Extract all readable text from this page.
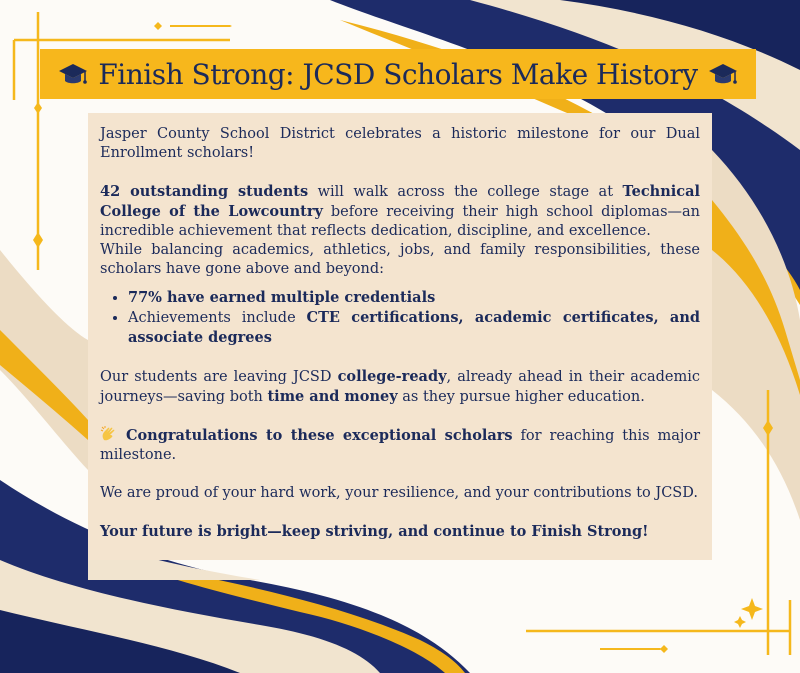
Finish Strong: JCSD Scholars Make History

Jasper County School District celebrates a historic milestone for our Dual Enrollment scholars!

42 outstanding students will walk across the college stage at Technical College of the Lowcountry before receiving their high school diplomas—an incredible achievement that reflects dedication, discipline, and excellence.

While balancing academics, athletics, jobs, and family responsibilities, these scholars have gone above and beyond:

• 77% have earned multiple credentials
• Achievements include CTE certifications, academic certificates, and associate degrees

Our students are leaving JCSD college-ready, already ahead in their academic journeys—saving both time and money as they pursue higher education.

Congratulations to these exceptional scholars for reaching this major milestone.

We are proud of your hard work, your resilience, and your contributions to JCSD.

Your future is bright—keep striving, and continue to Finish Strong!
